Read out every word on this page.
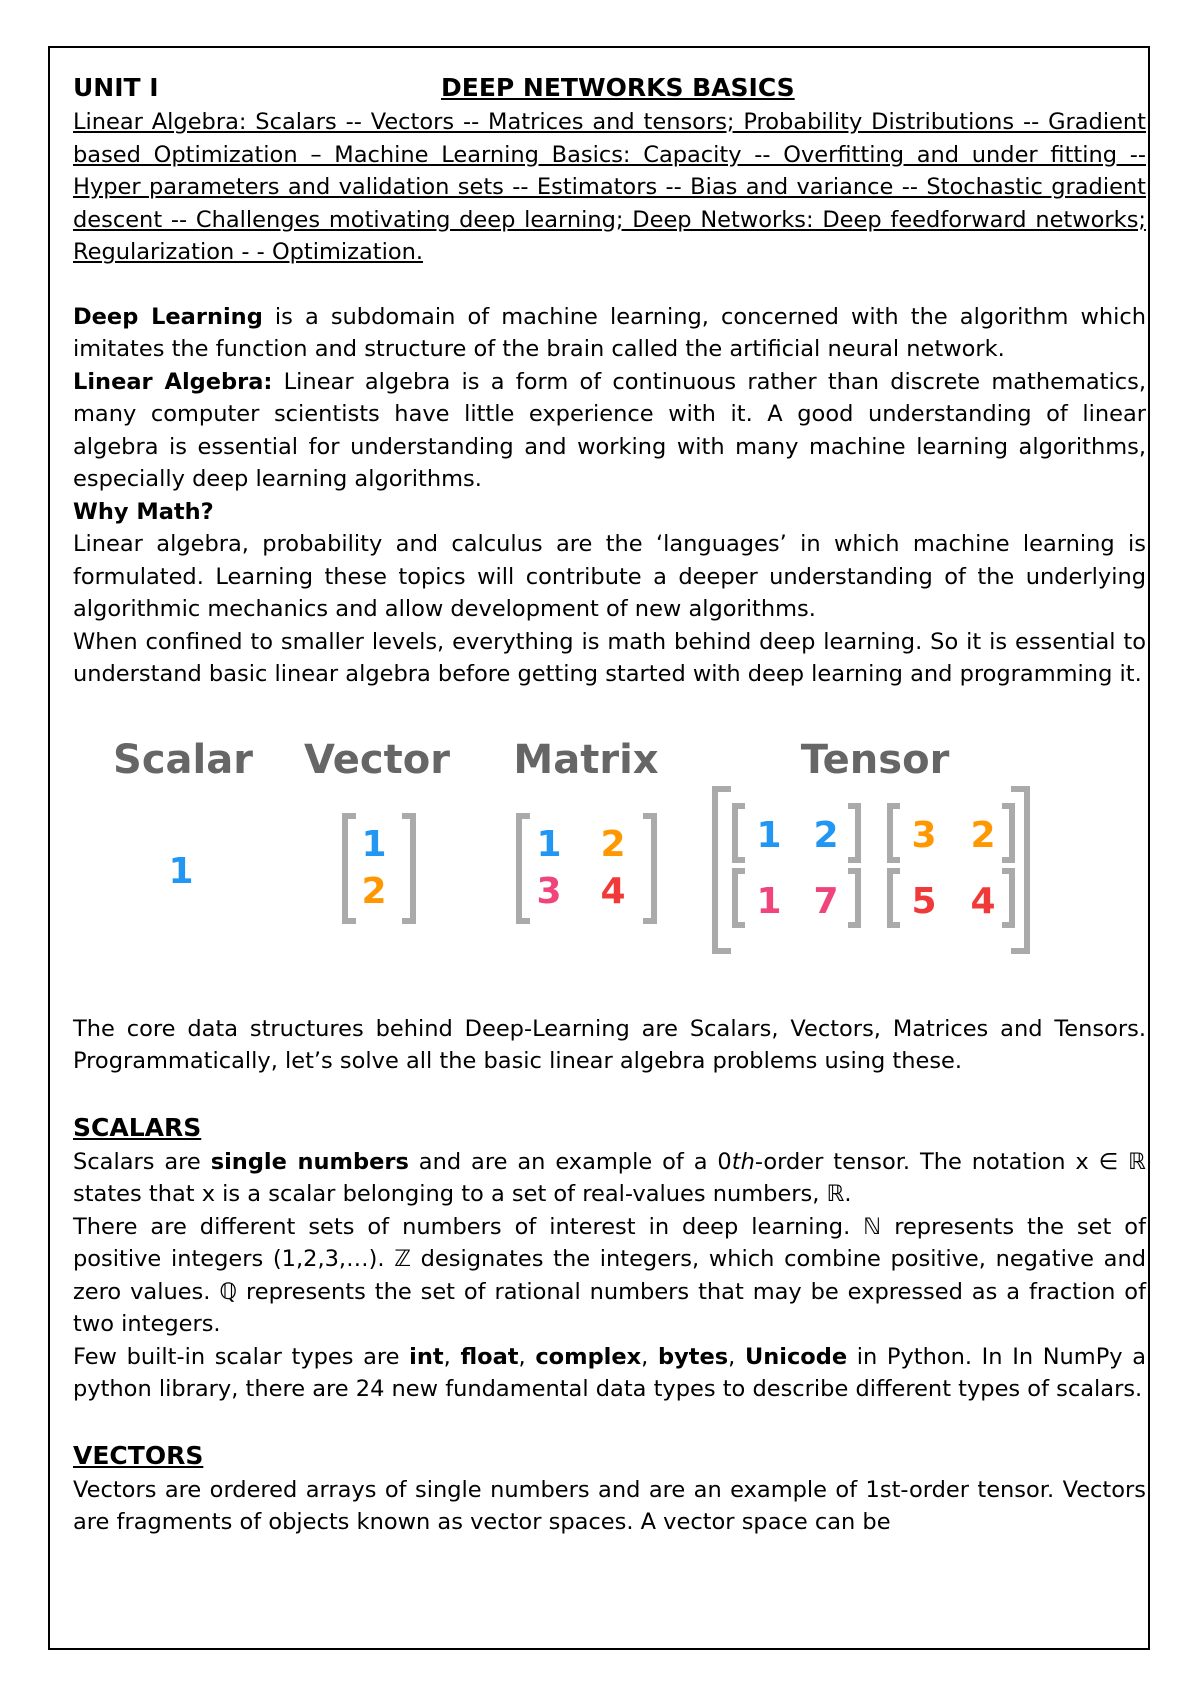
UNIT I	DEEP NETWORKS BASICS

Linear Algebra: Scalars -- Vectors -- Matrices and tensors; Probability Distributions -- Gradient based Optimization – Machine Learning Basics: Capacity -- Overfitting and under fitting -- Hyper parameters and validation sets -- Estimators -- Bias and variance -- Stochastic gradient descent -- Challenges motivating deep learning; Deep Networks: Deep feedforward networks; Regularization - - Optimization.

Deep Learning is a subdomain of machine learning, concerned with the algorithm which imitates the function and structure of the brain called the artificial neural network.

Linear Algebra: Linear algebra is a form of continuous rather than discrete mathematics, many computer scientists have little experience with it. A good understanding of linear algebra is essential for understanding and working with many machine learning algorithms, especially deep learning algorithms.

Why Math?

Linear algebra, probability and calculus are the ‘languages’ in which machine learning is formulated. Learning these topics will contribute a deeper understanding of the underlying algorithmic mechanics and allow development of new algorithms.

When confined to smaller levels, everything is math behind deep learning. So it is essential to understand basic linear algebra before getting started with deep learning and programming it.

Scalar Vector Matrix	Tensor
1
1
2
1 2
3 4
1 2 3 2
1 7 5 4

The core data structures behind Deep-Learning are Scalars, Vectors, Matrices and Tensors. Programmatically, let’s solve all the basic linear algebra problems using these.

SCALARS

Scalars are single numbers and are an example of a 0th-order tensor. The notation x ∈ ℝ states that x is a scalar belonging to a set of real-values numbers, ℝ.

There are different sets of numbers of interest in deep learning. ℕ represents the set of positive integers (1,2,3,…). ℤ designates the integers, which combine positive, negative and zero values. ℚ represents the set of rational numbers that may be expressed as a fraction of two integers.

Few built-in scalar types are int, float, complex, bytes, Unicode in Python. In In NumPy a python library, there are 24 new fundamental data types to describe different types of scalars.

VECTORS

Vectors are ordered arrays of single numbers and are an example of 1st-order tensor. Vectors are fragments of objects known as vector spaces. A vector space can be
